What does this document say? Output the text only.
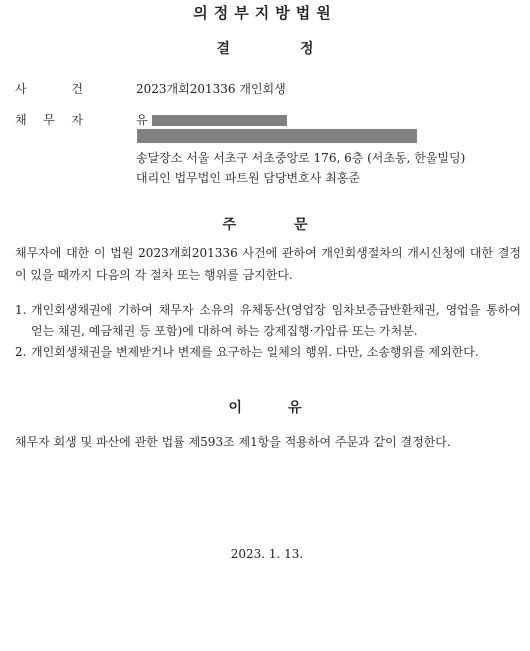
의정부지방법원
결	정
사	건	2023개회201336 개인회생
채 무 자	유
송달장소 서울 서초구 서초중앙로 176, 6층 (서초동, 한울빌딩)
대리인 법무법인 파트원 담당변호사 최홍준
주	문
채무자에 대한 이 법원 2023개회201336 사건에 관하여 개인회생절차의 개시신청에 대한 결정이 있을 때까지 다음의 각 절차 또는 행위를 금지한다.
1. 개인회생채권에 기하여 채무자 소유의 유체동산(영업장 임차보증금반환채권, 영업을 통하여 얻는 채권, 예금채권 등 포함)에 대하여 하는 강제집행·가압류 또는 가처분.
2. 개인회생채권을 변제받거나 변제를 요구하는 일체의 행위. 다만, 소송행위를 제외한다.
이	유
채무자 회생 및 파산에 관한 법률 제593조 제1항을 적용하여 주문과 같이 결정한다.
2023. 1. 13.
